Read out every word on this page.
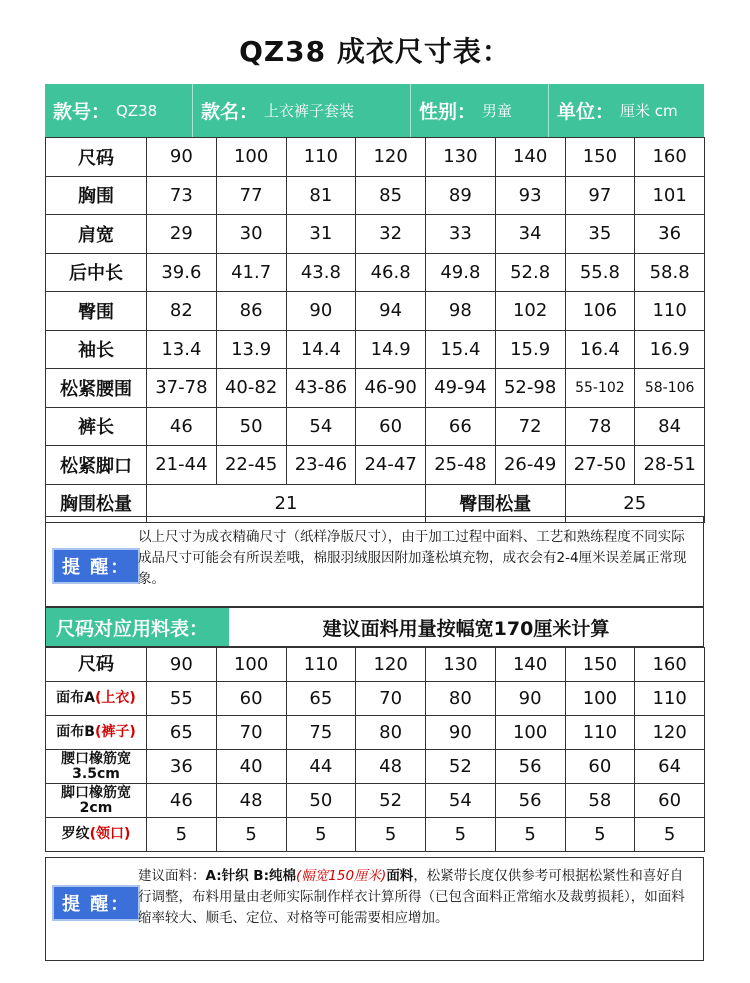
QZ38 成衣尺寸表：
款号： QZ38 款名： 上衣裤子套装	性别： 男童 单位： 厘米 cm
尺码	90	100	110	120	130	140	150	160
胸围	73	77	81	85	89	93	97	101
肩宽	29	30	31	32	33	34	35	36
后中长	39.6	41.7	43.8	46.8	49.8	52.8	55.8	58.8
臀围	82	86	90	94	98	102	106	110
袖长	13.4	13.9	14.4	14.9	15.4	15.9	16.4	16.9
松紧腰围	37-78	40-82	43-86	46-90	49-94	52-98	55-102	58-106
裤长	46	50	54	60	66	72	78	84
松紧脚口	21-44	22-45	23-46	24-47	25-48	26-49	27-50	28-51
胸围松量	21				臀围松量		25	
提 醒：
以上尺寸为成衣精确尺寸（纸样净版尺寸），由于加工过程中面料、工艺和熟练程度不同实际成品尺寸可能会有所误差哦，棉服羽绒服因附加蓬松填充物，成衣会有2-4厘米误差属正常现象。
尺码对应用料表：	建议面料用量按幅宽170厘米计算
尺码	90	100	110	120	130	140	150	160
面布A(上衣)	55	60	65	70	80	90	100	110
面布B(裤子)	65	70	75	80	90	100	110	120
腰口橡筋宽3.5cm	36	40	44	48	52	56	60	64
脚口橡筋宽2cm	46	48	50	52	54	56	58	60
罗纹(领口)	5	5	5	5	5	5	5	5
提 醒：
建议面料：A:针织 B:纯棉(幅宽150厘米)面料，松紧带长度仅供参考可根据松紧性和喜好自行调整，布料用量由老师实际制作样衣计算所得（已包含面料正常缩水及裁剪损耗），如面料缩率较大、顺毛、定位、对格等可能需要相应增加。
